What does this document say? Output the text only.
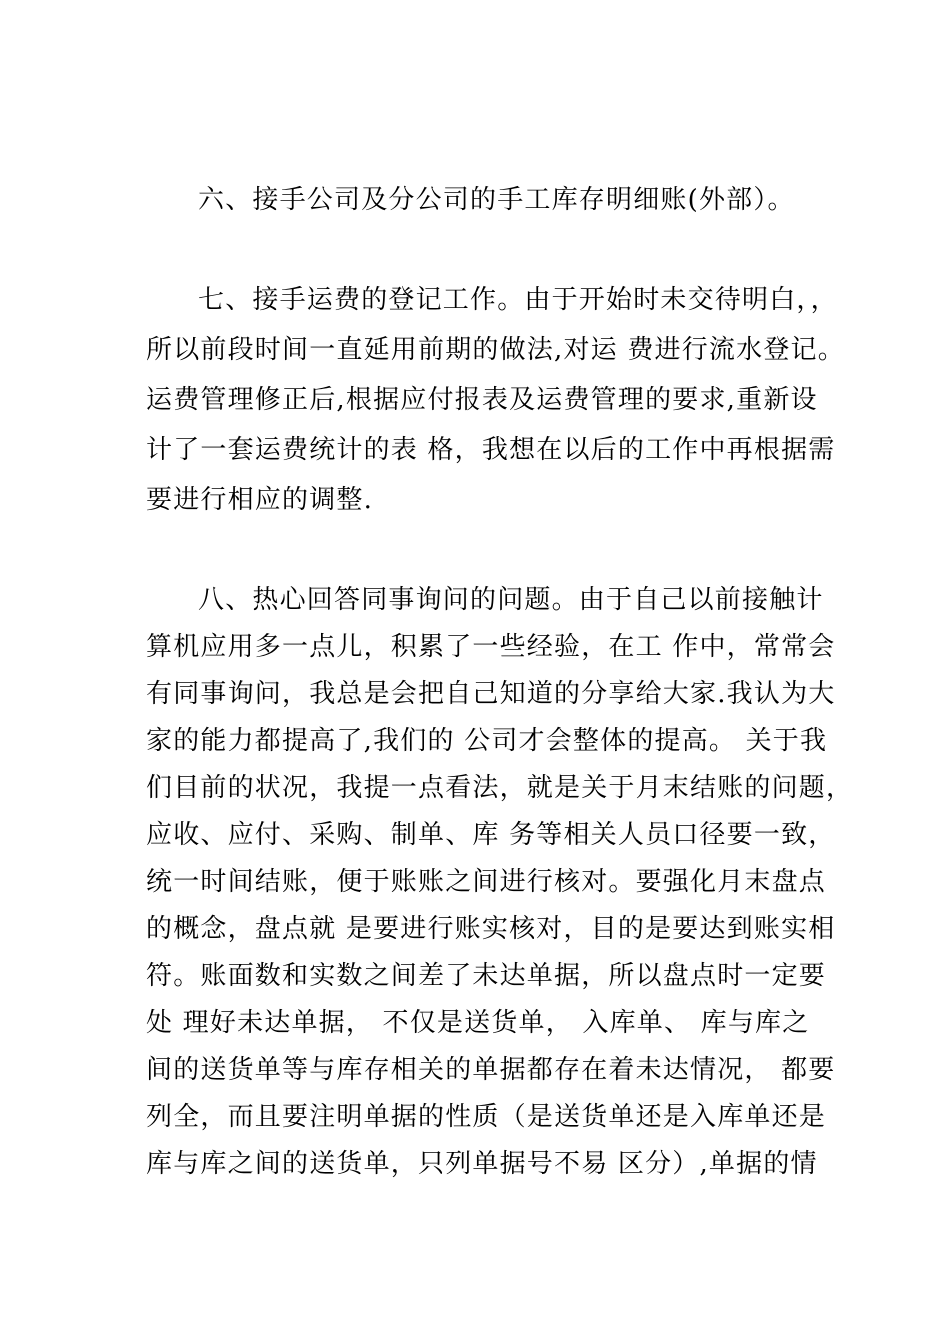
六、接手公司及分公司的手工库存明细账(外部）。
七、接手运费的登记工作。由于开始时未交待明白，，
所以前段时间一直延用前期的做法,对运 费进行流水登记。
运费管理修正后,根据应付报表及运费管理的要求,重新设
计了一套运费统计的表 格，我想在以后的工作中再根据需
要进行相应的调整.
八、热心回答同事询问的问题。由于自己以前接触计
算机应用多一点儿，积累了一些经验，在工 作中，常常会
有同事询问，我总是会把自己知道的分享给大家.我认为大
家的能力都提高了,我们的 公司才会整体的提高。 关于我
们目前的状况，我提一点看法，就是关于月末结账的问题，
应收、应付、采购、制单、库 务等相关人员口径要一致，
统一时间结账，便于账账之间进行核对。要强化月末盘点
的概念，盘点就 是要进行账实核对，目的是要达到账实相
符。账面数和实数之间差了未达单据，所以盘点时一定要
处 理好未达单据， 不仅是送货单， 入库单、 库与库之
间的送货单等与库存相关的单据都存在着未达情况， 都要
列全，而且要注明单据的性质（是送货单还是入库单还是
库与库之间的送货单，只列单据号不易 区分）,单据的情
